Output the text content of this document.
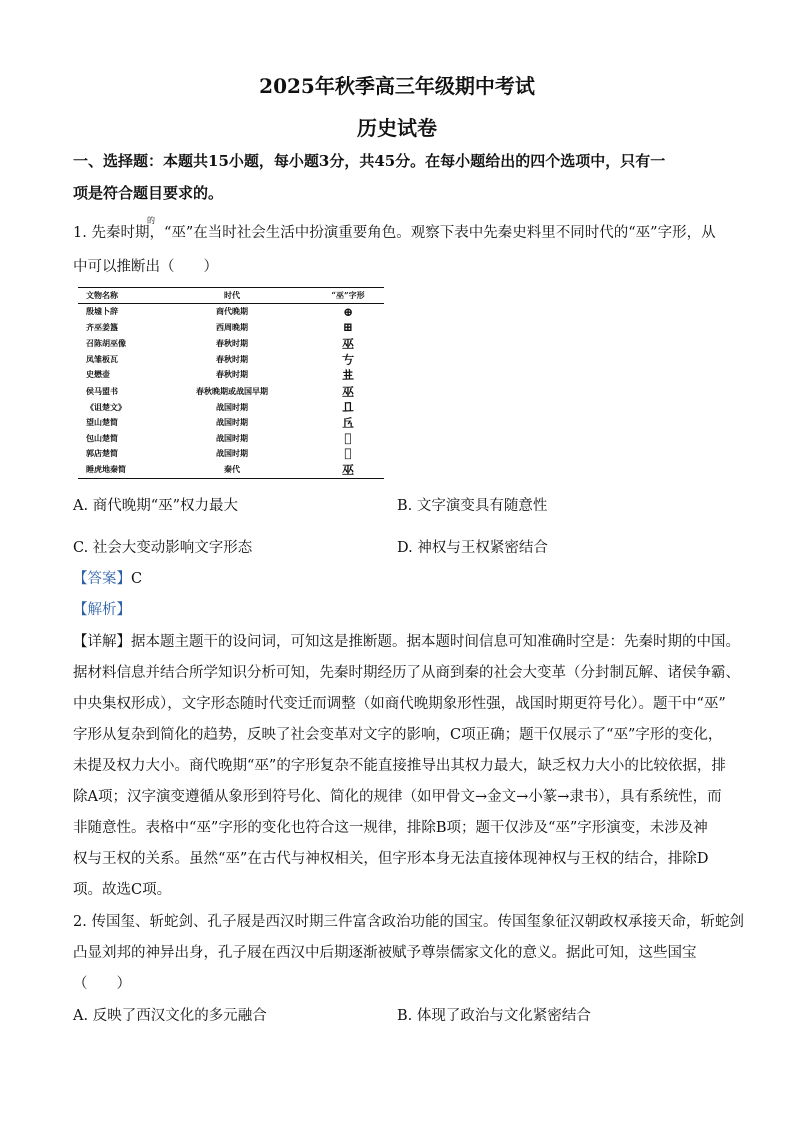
2025年秋季高三年级期中考试
历史试卷
一、选择题：本题共15小题，每小题3分，共45分。在每小题给出的四个选项中，只有一
项是符合题目要求的。
的
1. 先秦时期，“巫”在当时社会生活中扮演重要角色。观察下表中先秦史料里不同时代的“巫”字形，从
中可以推断出（　　）
文物名称	时代	“巫”字形
殷墟卜辞	商代晚期	⊕
齐巫姜簋	西周晚期	⊞
召陈胡巫像	春秋时期	巫
凤雏板瓦	春秋时期	𠀁
史懋壶	春秋时期	𠀎
侯马盟书	春秋晚期或战国早期	巫
《诅楚文》	战国时期	𠀃
望山楚简	战国时期	𠀈
包山楚简	战国时期	𠀉
郭店楚简	战国时期	𠀊
睡虎地秦简	秦代	巫
A. 商代晚期“巫”权力最大	B. 文字演变具有随意性
C. 社会大变动影响文字形态	D. 神权与王权紧密结合
【答案】C
【解析】
【详解】据本题主题干的设问词，可知这是推断题。据本题时间信息可知准确时空是：先秦时期的中国。
据材料信息并结合所学知识分析可知，先秦时期经历了从商到秦的社会大变革（分封制瓦解、诸侯争霸、
中央集权形成），文字形态随时代变迁而调整（如商代晚期象形性强，战国时期更符号化）。题干中“巫”
字形从复杂到简化的趋势，反映了社会变革对文字的影响，C项正确；题干仅展示了“巫”字形的变化，
未提及权力大小。商代晚期“巫”的字形复杂不能直接推导出其权力最大，缺乏权力大小的比较依据，排
除A项；汉字演变遵循从象形到符号化、简化的规律（如甲骨文→金文→小篆→隶书），具有系统性，而
非随意性。表格中“巫”字形的变化也符合这一规律，排除B项；题干仅涉及“巫”字形演变，未涉及神
权与王权的关系。虽然“巫”在古代与神权相关，但字形本身无法直接体现神权与王权的结合，排除D
项。故选C项。
2. 传国玺、斩蛇剑、孔子屐是西汉时期三件富含政治功能的国宝。传国玺象征汉朝政权承接天命，斩蛇剑
凸显刘邦的神异出身，孔子屐在西汉中后期逐渐被赋予尊崇儒家文化的意义。据此可知，这些国宝
（　　）
A. 反映了西汉文化的多元融合	B. 体现了政治与文化紧密结合
